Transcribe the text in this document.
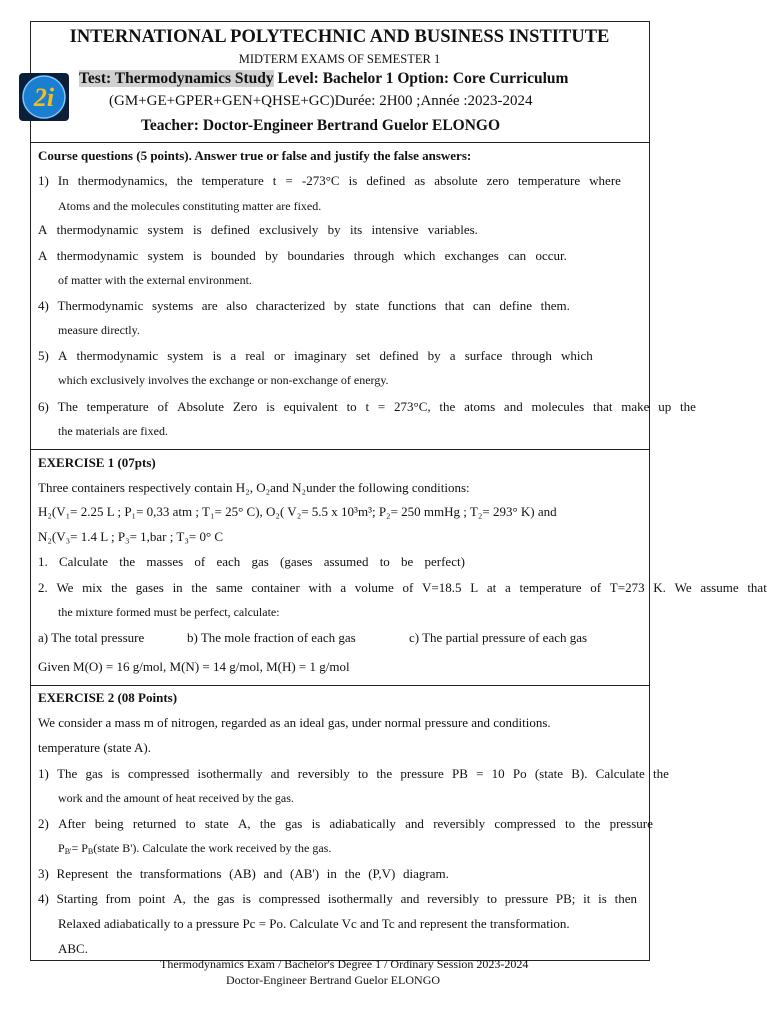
2i
INTERNATIONAL POLYTECHNIC AND BUSINESS INSTITUTE
MIDTERM EXAMS OF SEMESTER 1
Test: Thermodynamics Study Level: Bachelor 1 Option: Core Curriculum
(GM+GE+GPER+GEN+QHSE+GC)Durée: 2H00 ;Année :2023-2024
Teacher: Doctor-Engineer Bertrand Guelor ELONGO
Course questions (5 points). Answer true or false and justify the false answers:
1) In thermodynamics, the temperature t = -273°C is defined as absolute zero temperature where
Atoms and the molecules constituting matter are fixed.
A thermodynamic system is defined exclusively by its intensive variables.
A thermodynamic system is bounded by boundaries through which exchanges can occur.
of matter with the external environment.
4) Thermodynamic systems are also characterized by state functions that can define them.
measure directly.
5) A thermodynamic system is a real or imaginary set defined by a surface through which
which exclusively involves the exchange or non-exchange of energy.
6) The temperature of Absolute Zero is equivalent to t = 273°C, the atoms and molecules that make up the
the materials are fixed.
EXERCISE 1 (07pts)
Three containers respectively contain H₂, O₂and N₂under the following conditions:
H₂(V₁= 2.25 L ; P₁= 0,33 atm ; T₁= 25° C), O₂( V₂= 5.5 x 10³m³; P₂= 250 mmHg ; T₂= 293° K) and
N₂(V₃= 1.4 L ; P₃= 1,bar ; T₃= 0° C
1. Calculate the masses of each gas (gases assumed to be perfect)
2. We mix the gases in the same container with a volume of V=18.5 L at a temperature of T=273 K. We assume that
the mixture formed must be perfect, calculate:
a) The total pressure	b) The mole fraction of each gas	c) The partial pressure of each gas
Given M(O) = 16 g/mol, M(N) = 14 g/mol, M(H) = 1 g/mol
EXERCISE 2 (08 Points)
We consider a mass m of nitrogen, regarded as an ideal gas, under normal pressure and conditions.
temperature (state A).
1) The gas is compressed isothermally and reversibly to the pressure PB = 10 Po (state B). Calculate the
work and the amount of heat received by the gas.
2) After being returned to state A, the gas is adiabatically and reversibly compressed to the pressure
$P_{B'}=$ $P_B(state$ B'). Calculate the work received by the gas.
3) Represent the transformations (AB) and (AB') in the (P,V) diagram.
4) Starting from point A, the gas is compressed isothermally and reversibly to pressure PB; it is then
Relaxed adiabatically to a pressure Pc = Po. Calculate Vc and Tc and represent the transformation.
ABC.
Thermodynamics Exam / Bachelor's Degree 1 / Ordinary Session 2023-2024
Doctor-Engineer Bertrand Guelor ELONGO
